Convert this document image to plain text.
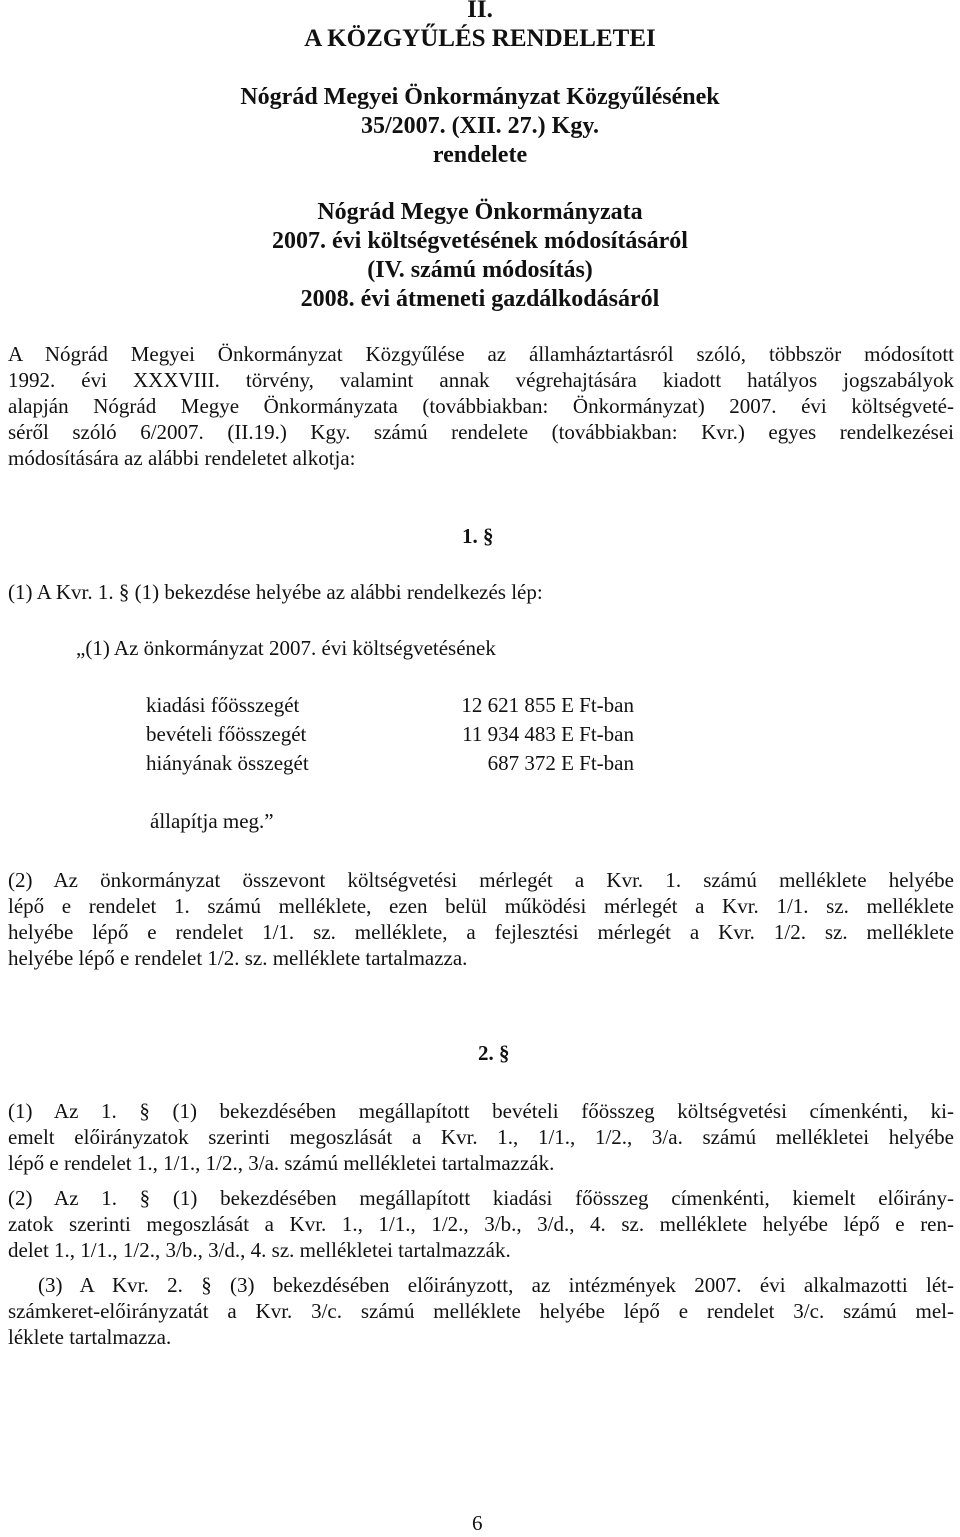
II.
A KÖZGYŰLÉS RENDELETEI
Nógrád Megyei Önkormányzat Közgyűlésének
35/2007. (XII. 27.) Kgy.
rendelete
Nógrád Megye Önkormányzata
2007. évi költségvetésének módosításáról
(IV. számú módosítás)
2008. évi átmeneti gazdálkodásáról
A Nógrád Megyei Önkormányzat Közgyűlése az államháztartásról szóló, többször módosított
1992. évi XXXVIII. törvény, valamint annak végrehajtására kiadott hatályos jogszabályok
alapján Nógrád Megye Önkormányzata (továbbiakban: Önkormányzat) 2007. évi költségveté-
séről szóló 6/2007. (II.19.) Kgy. számú rendelete (továbbiakban: Kvr.) egyes rendelkezései
módosítására az alábbi rendeletet alkotja:
1. §
(1) A Kvr. 1. § (1) bekezdése helyébe az alábbi rendelkezés lép:
„(1) Az önkormányzat 2007. évi költségvetésének
kiadási főösszegét	12 621 855 E Ft-ban
bevételi főösszegét	11 934 483 E Ft-ban
hiányának összegét	687 372 E Ft-ban
állapítja meg.”
(2) Az önkormányzat összevont költségvetési mérlegét a Kvr. 1. számú melléklete helyébe
lépő e rendelet 1. számú melléklete, ezen belül működési mérlegét a Kvr. 1/1. sz. melléklete
helyébe lépő e rendelet 1/1. sz. melléklete, a fejlesztési mérlegét a Kvr. 1/2. sz. melléklete
helyébe lépő e rendelet 1/2. sz. melléklete tartalmazza.
2. §
(1) Az 1. § (1) bekezdésében megállapított bevételi főösszeg költségvetési címenkénti, ki-
emelt előirányzatok szerinti megoszlását a Kvr. 1., 1/1., 1/2., 3/a. számú mellékletei helyébe
lépő e rendelet 1., 1/1., 1/2., 3/a. számú mellékletei tartalmazzák.
(2) Az 1. § (1) bekezdésében megállapított kiadási főösszeg címenkénti, kiemelt előirány-
zatok szerinti megoszlását a Kvr. 1., 1/1., 1/2., 3/b., 3/d., 4. sz. melléklete helyébe lépő e ren-
delet 1., 1/1., 1/2., 3/b., 3/d., 4. sz. mellékletei tartalmazzák.
(3) A Kvr. 2. § (3) bekezdésében előirányzott, az intézmények 2007. évi alkalmazotti lét-
számkeret-előirányzatát a Kvr. 3/c. számú melléklete helyébe lépő e rendelet 3/c. számú mel-
léklete tartalmazza.
6
